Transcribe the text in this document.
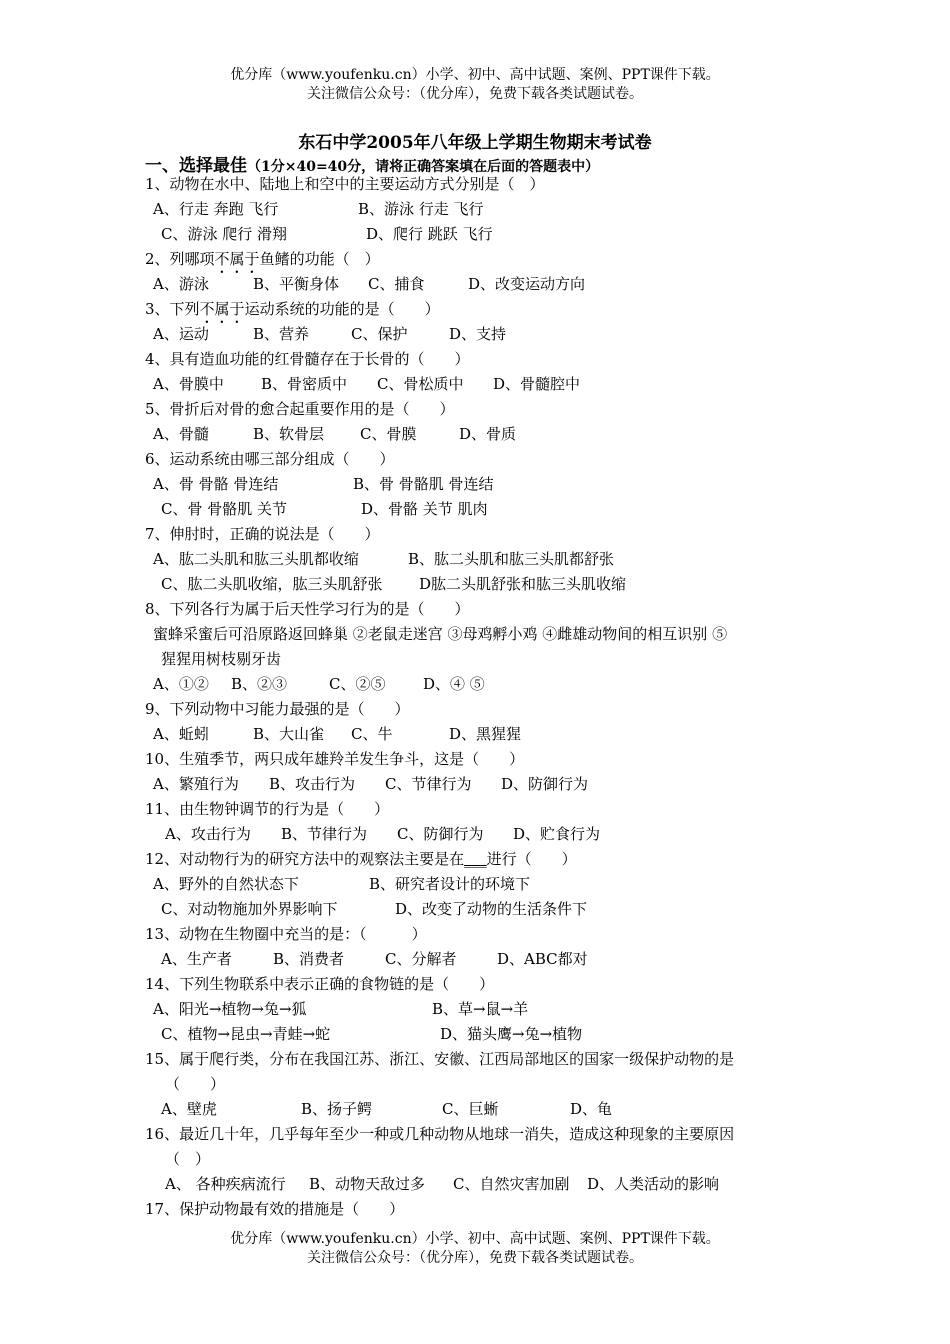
优分库（www.youfenku.cn）小学、初中、高中试题、案例、PPT课件下载。
关注微信公众号：（优分库），免费下载各类试题试卷。
东石中学2005年八年级上学期生物期末考试卷
一、选择最佳（1分×40=40分，请将正确答案填在后面的答题表中）
1、动物在水中、陆地上和空中的主要运动方式分别是（　）
A、行走 奔跑 飞行	B、游泳 行走 飞行
C、游泳 爬行 滑翔	D、爬行 跳跃 飞行
2、列哪项不属于鱼鳍的功能（　）
A、游泳	B、平衡身体 C、捕食	D、改变运动方向
3、下列不属于运动系统的功能的是（　　）
A、运动	B、营养	C、保护	D、支持
4、具有造血功能的红骨髓存在于长骨的（　　）
A、骨膜中 B、骨密质中 C、骨松质中 D、骨髓腔中
5、骨折后对骨的愈合起重要作用的是（　　）
A、骨髓	B、软骨层 C、骨膜	D、骨质
6、运动系统由哪三部分组成（　　）
A、骨 骨骼 骨连结	B、骨 骨骼肌 骨连结
C、骨 骨骼肌 关节	D、骨骼 关节 肌肉
7、伸肘时，正确的说法是（　　）
A、肱二头肌和肱三头肌都收缩	B、肱二头肌和肱三头肌都舒张
C、肱二头肌收缩，肱三头肌舒张 D肱二头肌舒张和肱三头肌收缩
8、下列各行为属于后天性学习行为的是（　　）
蜜蜂采蜜后可沿原路返回蜂巢 ②老鼠走迷宫 ③母鸡孵小鸡 ④雌雄动物间的相互识别 ⑤
猩猩用树枝剔牙齿
A、①② B、②③	C、②⑤	D、④ ⑤
9、下列动物中习能力最强的是（　　）
A、蚯蚓	B、大山雀 C、牛	D、黑猩猩
10、生殖季节，两只成年雄羚羊发生争斗，这是（　　）
A、繁殖行为 B、攻击行为 C、节律行为 D、防御行为
11、由生物钟调节的行为是（　　）
A、攻击行为 B、节律行为 C、防御行为 D、贮食行为
12、对动物行为的研究方法中的观察法主要是在___进行（　　）
A、野外的自然状态下	B、研究者设计的环境下
C、对动物施加外界影响下	D、改变了动物的生活条件下
13、动物在生物圈中充当的是：（　　　）
A、生产者	B、消费者	C、分解者	D、ABC都对
14、下列生物联系中表示正确的食物链的是（　　）
A、阳光→植物→兔→狐	B、草→鼠→羊
C、植物→昆虫→青蛙→蛇	D、猫头鹰→兔→植物
15、属于爬行类，分布在我国江苏、浙江、安徽、江西局部地区的国家一级保护动物的是
（　　）
A、壁虎	B、扬子鳄	C、巨蜥	D、龟
16、最近几十年，几乎每年至少一种或几种动物从地球一消失，造成这种现象的主要原因
（　）
A、 各种疾病流行 B、动物天敌过多 C、自然灾害加剧 D、人类活动的影响
17、保护动物最有效的措施是（　　）
优分库（www.youfenku.cn）小学、初中、高中试题、案例、PPT课件下载。
关注微信公众号：（优分库），免费下载各类试题试卷。
